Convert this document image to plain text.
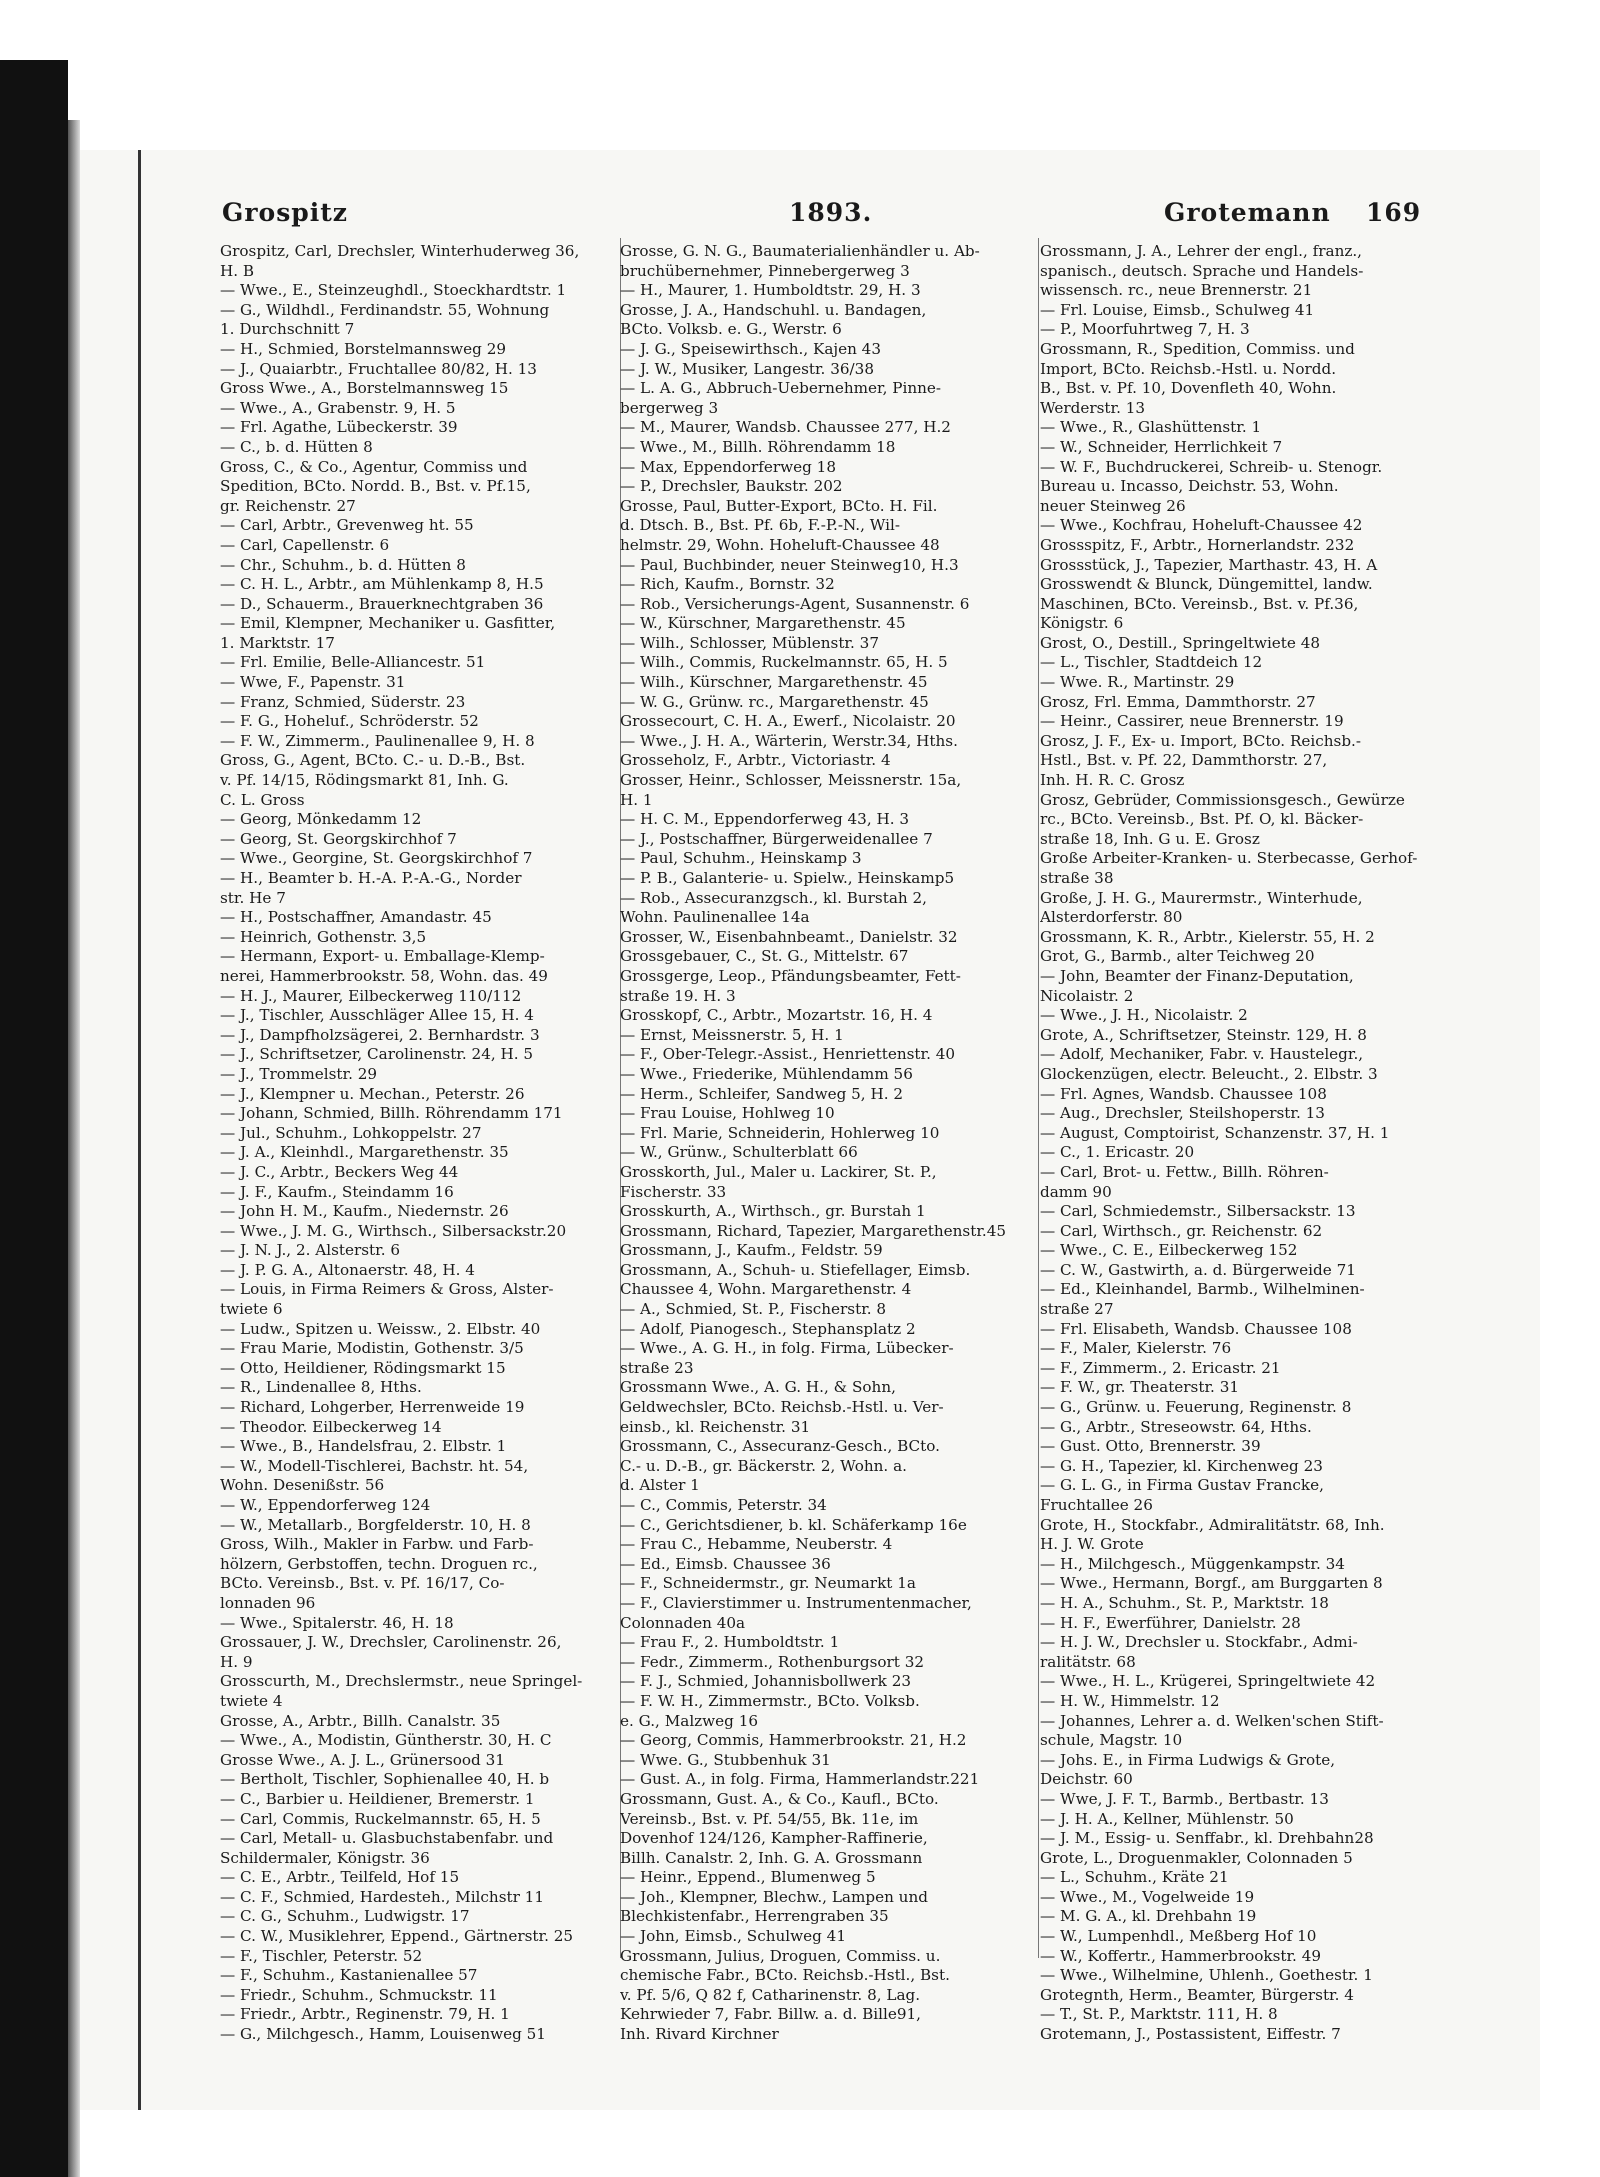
Grospitz	1893.	Grotemann 169
Grospitz, Carl, Drechsler, Winterhuderweg 36,
H. B
— Wwe., E., Steinzeughdl., Stoeckhardtstr. 1
— G., Wildhdl., Ferdinandstr. 55, Wohnung
1. Durchschnitt 7
— H., Schmied, Borstelmannsweg 29
— J., Quaiarbtr., Fruchtallee 80/82, H. 13
Gross Wwe., A., Borstelmannsweg 15
— Wwe., A., Grabenstr. 9, H. 5
— Frl. Agathe, Lübeckerstr. 39
— C., b. d. Hütten 8
Gross, C., & Co., Agentur, Commiss und
Spedition, BCto. Nordd. B., Bst. v. Pf.15,
gr. Reichenstr. 27
— Carl, Arbtr., Grevenweg ht. 55
— Carl, Capellenstr. 6
— Chr., Schuhm., b. d. Hütten 8
— C. H. L., Arbtr., am Mühlenkamp 8, H.5
— D., Schauerm., Brauerknechtgraben 36
— Emil, Klempner, Mechaniker u. Gasfitter,
1. Marktstr. 17
— Frl. Emilie, Belle-Alliancestr. 51
— Wwe, F., Papenstr. 31
— Franz, Schmied, Süderstr. 23
— F. G., Hoheluf., Schröderstr. 52
— F. W., Zimmerm., Paulinenallee 9, H. 8
Gross, G., Agent, BCto. C.- u. D.-B., Bst.
v. Pf. 14/15, Rödingsmarkt 81, Inh. G.
C. L. Gross
— Georg, Mönkedamm 12
— Georg, St. Georgskirchhof 7
— Wwe., Georgine, St. Georgskirchhof 7
— H., Beamter b. H.-A. P.-A.-G., Norder
str. He 7
— H., Postschaffner, Amandastr. 45
— Heinrich, Gothenstr. 3,5
— Hermann, Export- u. Emballage-Klemp-
nerei, Hammerbrookstr. 58, Wohn. das. 49
— H. J., Maurer, Eilbeckerweg 110/112
— J., Tischler, Ausschläger Allee 15, H. 4
— J., Dampfholzsägerei, 2. Bernhardstr. 3
— J., Schriftsetzer, Carolinenstr. 24, H. 5
— J., Trommelstr. 29
— J., Klempner u. Mechan., Peterstr. 26
— Johann, Schmied, Billh. Röhrendamm 171
— Jul., Schuhm., Lohkoppelstr. 27
— J. A., Kleinhdl., Margarethenstr. 35
— J. C., Arbtr., Beckers Weg 44
— J. F., Kaufm., Steindamm 16
— John H. M., Kaufm., Niedernstr. 26
— Wwe., J. M. G., Wirthsch., Silbersackstr.20
— J. N. J., 2. Alsterstr. 6
— J. P. G. A., Altonaerstr. 48, H. 4
— Louis, in Firma Reimers & Gross, Alster-
twiete 6
— Ludw., Spitzen u. Weissw., 2. Elbstr. 40
— Frau Marie, Modistin, Gothenstr. 3/5
— Otto, Heildiener, Rödingsmarkt 15
— R., Lindenallee 8, Hths.
— Richard, Lohgerber, Herrenweide 19
— Theodor. Eilbeckerweg 14
— Wwe., B., Handelsfrau, 2. Elbstr. 1
— W., Modell-Tischlerei, Bachstr. ht. 54,
Wohn. Desenißstr. 56
— W., Eppendorferweg 124
— W., Metallarb., Borgfelderstr. 10, H. 8
Gross, Wilh., Makler in Farbw. und Farb-
hölzern, Gerbstoffen, techn. Droguen rc.,
BCto. Vereinsb., Bst. v. Pf. 16/17, Co-
lonnaden 96
— Wwe., Spitalerstr. 46, H. 18
Grossauer, J. W., Drechsler, Carolinenstr. 26,
H. 9
Grosscurth, M., Drechslermstr., neue Springel-
twiete 4
Grosse, A., Arbtr., Billh. Canalstr. 35
— Wwe., A., Modistin, Güntherstr. 30, H. C
Grosse Wwe., A. J. L., Grünersood 31
— Bertholt, Tischler, Sophienallee 40, H. b
— C., Barbier u. Heildiener, Bremerstr. 1
— Carl, Commis, Ruckelmannstr. 65, H. 5
— Carl, Metall- u. Glasbuchstabenfabr. und
Schildermaler, Königstr. 36
— C. E., Arbtr., Teilfeld, Hof 15
— C. F., Schmied, Hardesteh., Milchstr 11
— C. G., Schuhm., Ludwigstr. 17
— C. W., Musiklehrer, Eppend., Gärtnerstr. 25
— F., Tischler, Peterstr. 52
— F., Schuhm., Kastanienallee 57
— Friedr., Schuhm., Schmuckstr. 11
— Friedr., Arbtr., Reginenstr. 79, H. 1
— G., Milchgesch., Hamm, Louisenweg 51
Grosse, G. N. G., Baumaterialienhändler u. Ab-
bruchübernehmer, Pinnebergerweg 3
— H., Maurer, 1. Humboldtstr. 29, H. 3
Grosse, J. A., Handschuhl. u. Bandagen,
BCto. Volksb. e. G., Werstr. 6
— J. G., Speisewirthsch., Kajen 43
— J. W., Musiker, Langestr. 36/38
— L. A. G., Abbruch-Uebernehmer, Pinne-
bergerweg 3
— M., Maurer, Wandsb. Chaussee 277, H.2
— Wwe., M., Billh. Röhrendamm 18
— Max, Eppendorferweg 18
— P., Drechsler, Baukstr. 202
Grosse, Paul, Butter-Export, BCto. H. Fil.
d. Dtsch. B., Bst. Pf. 6b, F.-P.-N., Wil-
helmstr. 29, Wohn. Hoheluft-Chaussee 48
— Paul, Buchbinder, neuer Steinweg10, H.3
— Rich, Kaufm., Bornstr. 32
— Rob., Versicherungs-Agent, Susannenstr. 6
— W., Kürschner, Margarethenstr. 45
— Wilh., Schlosser, Müblenstr. 37
— Wilh., Commis, Ruckelmannstr. 65, H. 5
— Wilh., Kürschner, Margarethenstr. 45
— W. G., Grünw. rc., Margarethenstr. 45
Grossecourt, C. H. A., Ewerf., Nicolaistr. 20
— Wwe., J. H. A., Wärterin, Werstr.34, Hths.
Grosseholz, F., Arbtr., Victoriastr. 4
Grosser, Heinr., Schlosser, Meissnerstr. 15a,
H. 1
— H. C. M., Eppendorferweg 43, H. 3
— J., Postschaffner, Bürgerweidenallee 7
— Paul, Schuhm., Heinskamp 3
— P. B., Galanterie- u. Spielw., Heinskamp5
— Rob., Assecuranzgsch., kl. Burstah 2,
Wohn. Paulinenallee 14a
Grosser, W., Eisenbahnbeamt., Danielstr. 32
Grossgebauer, C., St. G., Mittelstr. 67
Grossgerge, Leop., Pfändungsbeamter, Fett-
straße 19. H. 3
Grosskopf, C., Arbtr., Mozartstr. 16, H. 4
— Ernst, Meissnerstr. 5, H. 1
— F., Ober-Telegr.-Assist., Henriettenstr. 40
— Wwe., Friederike, Mühlendamm 56
— Herm., Schleifer, Sandweg 5, H. 2
— Frau Louise, Hohlweg 10
— Frl. Marie, Schneiderin, Hohlerweg 10
— W., Grünw., Schulterblatt 66
Grosskorth, Jul., Maler u. Lackirer, St. P.,
Fischerstr. 33
Grosskurth, A., Wirthsch., gr. Burstah 1
Grossmann, Richard, Tapezier, Margarethenstr.45
Grossmann, J., Kaufm., Feldstr. 59
Grossmann, A., Schuh- u. Stiefellager, Eimsb.
Chaussee 4, Wohn. Margarethenstr. 4
— A., Schmied, St. P., Fischerstr. 8
— Adolf, Pianogesch., Stephansplatz 2
— Wwe., A. G. H., in folg. Firma, Lübecker-
straße 23
Grossmann Wwe., A. G. H., & Sohn,
Geldwechsler, BCto. Reichsb.-Hstl. u. Ver-
einsb., kl. Reichenstr. 31
Grossmann, C., Assecuranz-Gesch., BCto.
C.- u. D.-B., gr. Bäckerstr. 2, Wohn. a.
d. Alster 1
— C., Commis, Peterstr. 34
— C., Gerichtsdiener, b. kl. Schäferkamp 16e
— Frau C., Hebamme, Neuberstr. 4
— Ed., Eimsb. Chaussee 36
— F., Schneidermstr., gr. Neumarkt 1a
— F., Clavierstimmer u. Instrumentenmacher,
Colonnaden 40a
— Frau F., 2. Humboldtstr. 1
— Fedr., Zimmerm., Rothenburgsort 32
— F. J., Schmied, Johannisbollwerk 23
— F. W. H., Zimmermstr., BCto. Volksb.
e. G., Malzweg 16
— Georg, Commis, Hammerbrookstr. 21, H.2
— Wwe. G., Stubbenhuk 31
— Gust. A., in folg. Firma, Hammerlandstr.221
Grossmann, Gust. A., & Co., Kaufl., BCto.
Vereinsb., Bst. v. Pf. 54/55, Bk. 11e, im
Dovenhof 124/126, Kampher-Raffinerie,
Billh. Canalstr. 2, Inh. G. A. Grossmann
— Heinr., Eppend., Blumenweg 5
— Joh., Klempner, Blechw., Lampen und
Blechkistenfabr., Herrengraben 35
— John, Eimsb., Schulweg 41
Grossmann, Julius, Droguen, Commiss. u.
chemische Fabr., BCto. Reichsb.-Hstl., Bst.
v. Pf. 5/6, Q 82 f, Catharinenstr. 8, Lag.
Kehrwieder 7, Fabr. Billw. a. d. Bille91,
Inh. Rivard Kirchner
Grossmann, J. A., Lehrer der engl., franz.,
spanisch., deutsch. Sprache und Handels-
wissensch. rc., neue Brennerstr. 21
— Frl. Louise, Eimsb., Schulweg 41
— P., Moorfuhrtweg 7, H. 3
Grossmann, R., Spedition, Commiss. und
Import, BCto. Reichsb.-Hstl. u. Nordd.
B., Bst. v. Pf. 10, Dovenfleth 40, Wohn.
Werderstr. 13
— Wwe., R., Glashüttenstr. 1
— W., Schneider, Herrlichkeit 7
— W. F., Buchdruckerei, Schreib- u. Stenogr.
Bureau u. Incasso, Deichstr. 53, Wohn.
neuer Steinweg 26
— Wwe., Kochfrau, Hoheluft-Chaussee 42
Grossspitz, F., Arbtr., Hornerlandstr. 232
Grossstück, J., Tapezier, Marthastr. 43, H. A
Grosswendt & Blunck, Düngemittel, landw.
Maschinen, BCto. Vereinsb., Bst. v. Pf.36,
Königstr. 6
Grost, O., Destill., Springeltwiete 48
— L., Tischler, Stadtdeich 12
— Wwe. R., Martinstr. 29
Grosz, Frl. Emma, Dammthorstr. 27
— Heinr., Cassirer, neue Brennerstr. 19
Grosz, J. F., Ex- u. Import, BCto. Reichsb.-
Hstl., Bst. v. Pf. 22, Dammthorstr. 27,
Inh. H. R. C. Grosz
Grosz, Gebrüder, Commissionsgesch., Gewürze
rc., BCto. Vereinsb., Bst. Pf. O, kl. Bäcker-
straße 18, Inh. G u. E. Grosz
Große Arbeiter-Kranken- u. Sterbecasse, Gerhof-
straße 38
Große, J. H. G., Maurermstr., Winterhude,
Alsterdorferstr. 80
Grossmann, K. R., Arbtr., Kielerstr. 55, H. 2
Grot, G., Barmb., alter Teichweg 20
— John, Beamter der Finanz-Deputation,
Nicolaistr. 2
— Wwe., J. H., Nicolaistr. 2
Grote, A., Schriftsetzer, Steinstr. 129, H. 8
— Adolf, Mechaniker, Fabr. v. Haustelegr.,
Glockenzügen, electr. Beleucht., 2. Elbstr. 3
— Frl. Agnes, Wandsb. Chaussee 108
— Aug., Drechsler, Steilshoperstr. 13
— August, Comptoirist, Schanzenstr. 37, H. 1
— C., 1. Ericastr. 20
— Carl, Brot- u. Fettw., Billh. Röhren-
damm 90
— Carl, Schmiedemstr., Silbersackstr. 13
— Carl, Wirthsch., gr. Reichenstr. 62
— Wwe., C. E., Eilbeckerweg 152
— C. W., Gastwirth, a. d. Bürgerweide 71
— Ed., Kleinhandel, Barmb., Wilhelminen-
straße 27
— Frl. Elisabeth, Wandsb. Chaussee 108
— F., Maler, Kielerstr. 76
— F., Zimmerm., 2. Ericastr. 21
— F. W., gr. Theaterstr. 31
— G., Grünw. u. Feuerung, Reginenstr. 8
— G., Arbtr., Streseowstr. 64, Hths.
— Gust. Otto, Brennerstr. 39
— G. H., Tapezier, kl. Kirchenweg 23
— G. L. G., in Firma Gustav Francke,
Fruchtallee 26
Grote, H., Stockfabr., Admiralitätstr. 68, Inh.
H. J. W. Grote
— H., Milchgesch., Müggenkampstr. 34
— Wwe., Hermann, Borgf., am Burggarten 8
— H. A., Schuhm., St. P., Marktstr. 18
— H. F., Ewerführer, Danielstr. 28
— H. J. W., Drechsler u. Stockfabr., Admi-
ralitätstr. 68
— Wwe., H. L., Krügerei, Springeltwiete 42
— H. W., Himmelstr. 12
— Johannes, Lehrer a. d. Welken'schen Stift-
schule, Magstr. 10
— Johs. E., in Firma Ludwigs & Grote,
Deichstr. 60
— Wwe, J. F. T., Barmb., Bertbastr. 13
— J. H. A., Kellner, Mühlenstr. 50
— J. M., Essig- u. Senffabr., kl. Drehbahn28
Grote, L., Droguenmakler, Colonnaden 5
— L., Schuhm., Kräte 21
— Wwe., M., Vogelweide 19
— M. G. A., kl. Drehbahn 19
— W., Lumpenhdl., Meßberg Hof 10
— W., Koffertr., Hammerbrookstr. 49
— Wwe., Wilhelmine, Uhlenh., Goethestr. 1
Grotegnth, Herm., Beamter, Bürgerstr. 4
— T., St. P., Marktstr. 111, H. 8
Grotemann, J., Postassistent, Eiffestr. 7
